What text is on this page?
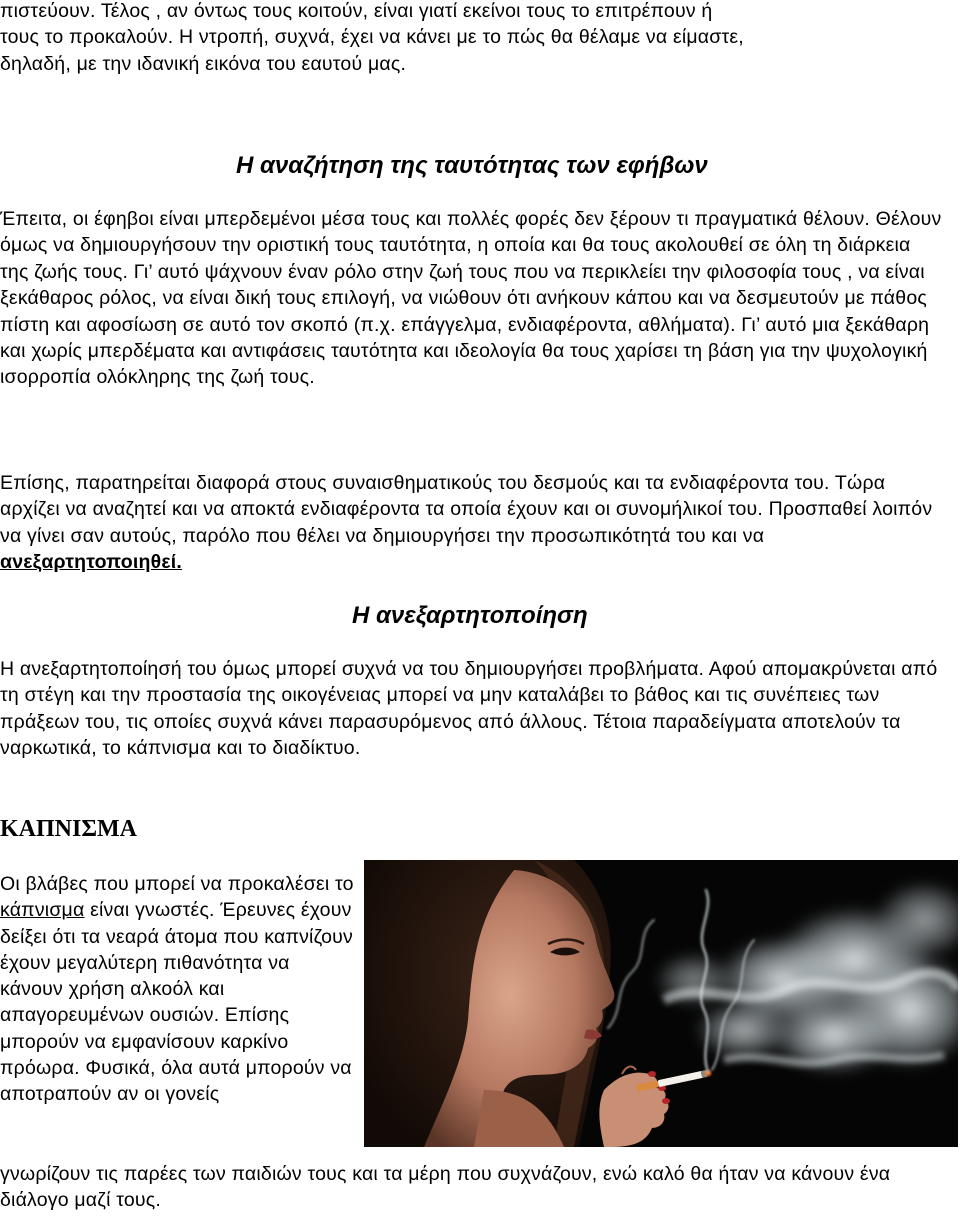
πιστεύουν. Τέλος , αν όντως τους κοιτούν, είναι γιατί εκείνοι τους το επιτρέπουν ή
τους το προκαλούν. Η ντροπή, συχνά, έχει να κάνει με το πώς θα θέλαμε να είμαστε,
δηλαδή, με την ιδανική εικόνα του εαυτού μας.

Η αναζήτηση της ταυτότητας των εφήβων

Έπειτα, οι έφηβοι είναι μπερδεμένοι μέσα τους και πολλές φορές δεν ξέρουν τι πραγματικά θέλουν. Θέλουν όμως να δημιουργήσουν την οριστική τους ταυτότητα, η οποία και θα τους ακολουθεί σε όλη τη διάρκεια της ζωής τους. Γι’ αυτό ψάχνουν έναν ρόλο στην ζωή τους που να περικλείει την φιλοσοφία τους , να είναι ξεκάθαρος ρόλος, να είναι δική τους επιλογή, να νιώθουν ότι ανήκουν κάπου και να δεσμευτούν με πάθος πίστη και αφοσίωση σε αυτό τον σκοπό (π.χ. επάγγελμα, ενδιαφέροντα, αθλήματα). Γι’ αυτό μια ξεκάθαρη και χωρίς μπερδέματα και αντιφάσεις ταυτότητα και ιδεολογία θα τους χαρίσει τη βάση για την ψυχολογική ισορροπία ολόκληρης της ζωή τους.

Επίσης, παρατηρείται διαφορά στους συναισθηματικούς του δεσμούς και τα ενδιαφέροντα του. Τώρα αρχίζει να αναζητεί και να αποκτά ενδιαφέροντα τα οποία έχουν και οι συνομήλικοί του. Προσπαθεί λοιπόν να γίνει σαν αυτούς, παρόλο που θέλει να δημιουργήσει την προσωπικότητά του και να ανεξαρτητοποιηθεί.

Η ανεξαρτητοποίηση

Η ανεξαρτητοποίησή του όμως μπορεί συχνά να του δημιουργήσει προβλήματα. Αφού απομακρύνεται από τη στέγη και την προστασία της οικογένειας μπορεί να μην καταλάβει το βάθος και τις συνέπειες των πράξεων του, τις οποίες συχνά κάνει παρασυρόμενος από άλλους. Τέτοια παραδείγματα αποτελούν τα ναρκωτικά, το κάπνισμα και το διαδίκτυο.

ΚΑΠΝΙΣΜΑ

Οι βλάβες που μπορεί να προκαλέσει το κάπνισμα είναι γνωστές. Έρευνες έχουν δείξει ότι τα νεαρά άτομα που καπνίζουν έχουν μεγαλύτερη πιθανότητα να κάνουν χρήση αλκοόλ και απαγορευμένων ουσιών. Επίσης μπορούν να εμφανίσουν καρκίνο πρόωρα. Φυσικά, όλα αυτά μπορούν να αποτραπούν αν οι γονείς

γνωρίζουν τις παρέες των παιδιών τους και τα μέρη που συχνάζουν, ενώ καλό θα ήταν να κάνουν ένα διάλογο μαζί τους.
